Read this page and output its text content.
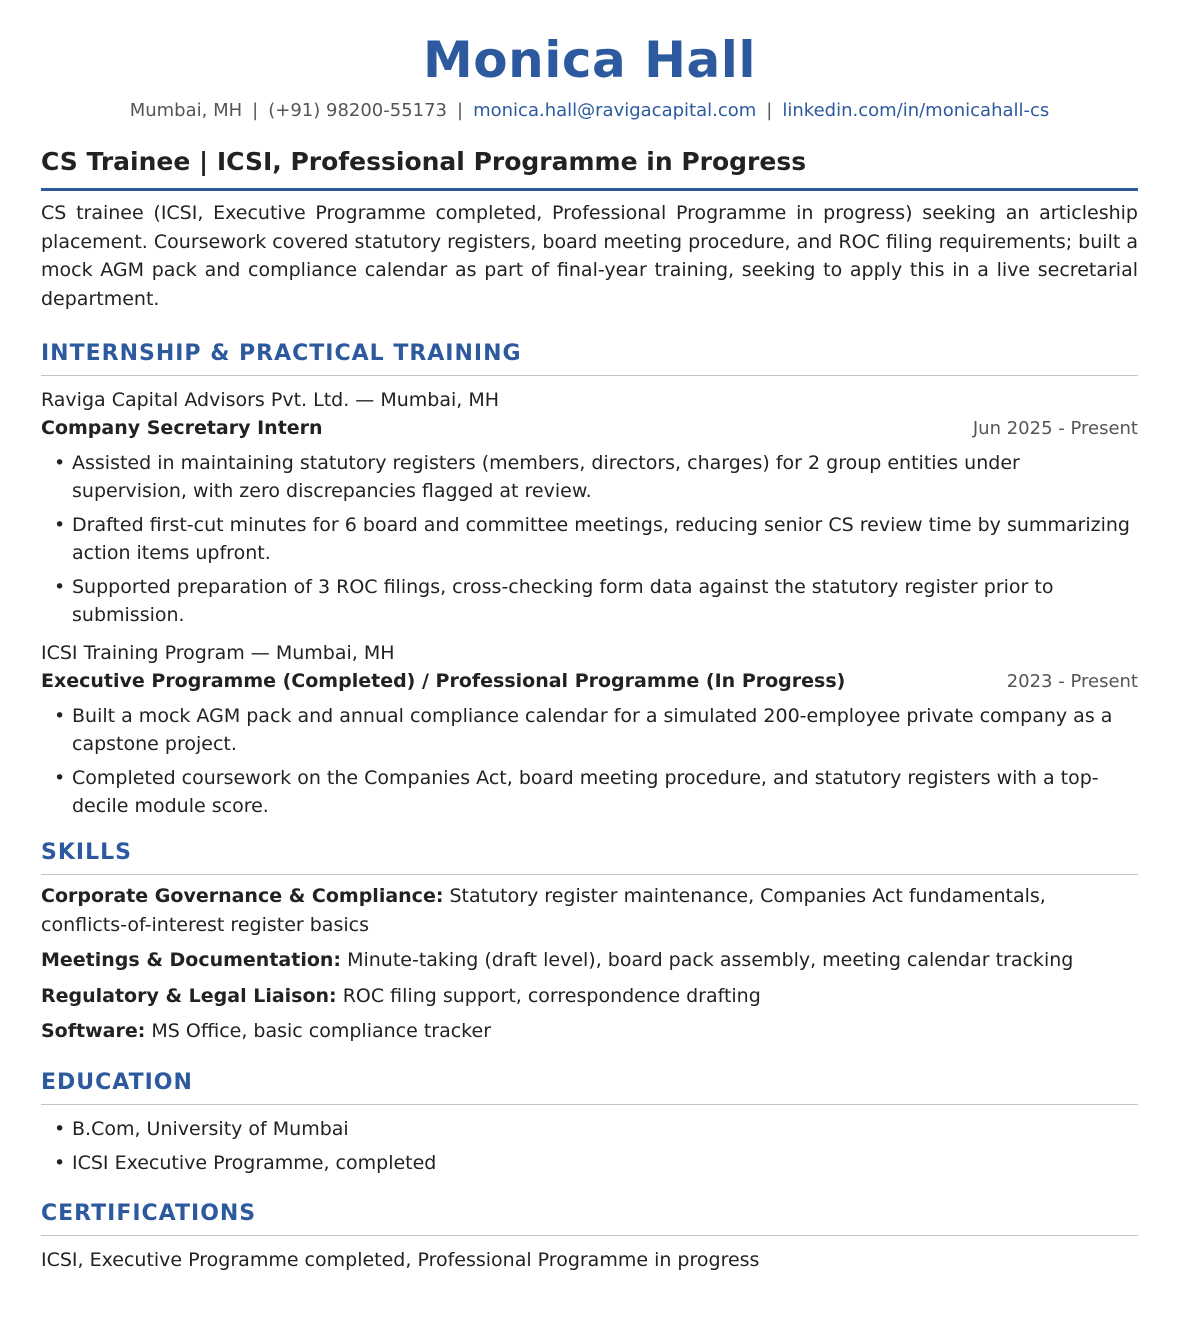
Monica Hall
Mumbai, MH | (+91) 98200-55173 | monica.hall@ravigacapital.com | linkedin.com/in/monicahall-cs
CS Trainee | ICSI, Professional Programme in Progress
CS trainee (ICSI, Executive Programme completed, Professional Programme in progress) seeking an articleship placement. Coursework covered statutory registers, board meeting procedure, and ROC filing requirements; built a mock AGM pack and compliance calendar as part of final-year training, seeking to apply this in a live secretarial department.
INTERNSHIP & PRACTICAL TRAINING
Raviga Capital Advisors Pvt. Ltd. — Mumbai, MH
Company Secretary Intern	Jun 2025 - Present
• Assisted in maintaining statutory registers (members, directors, charges) for 2 group entities under supervision, with zero discrepancies flagged at review.
• Drafted first-cut minutes for 6 board and committee meetings, reducing senior CS review time by summarizing action items upfront.
• Supported preparation of 3 ROC filings, cross-checking form data against the statutory register prior to submission.
ICSI Training Program — Mumbai, MH
Executive Programme (Completed) / Professional Programme (In Progress)	2023 - Present
• Built a mock AGM pack and annual compliance calendar for a simulated 200-employee private company as a capstone project.
• Completed coursework on the Companies Act, board meeting procedure, and statutory registers with a top-decile module score.
SKILLS
Corporate Governance & Compliance: Statutory register maintenance, Companies Act fundamentals, conflicts-of-interest register basics
Meetings & Documentation: Minute-taking (draft level), board pack assembly, meeting calendar tracking
Regulatory & Legal Liaison: ROC filing support, correspondence drafting
Software: MS Office, basic compliance tracker
EDUCATION
• B.Com, University of Mumbai
• ICSI Executive Programme, completed
CERTIFICATIONS
ICSI, Executive Programme completed, Professional Programme in progress
